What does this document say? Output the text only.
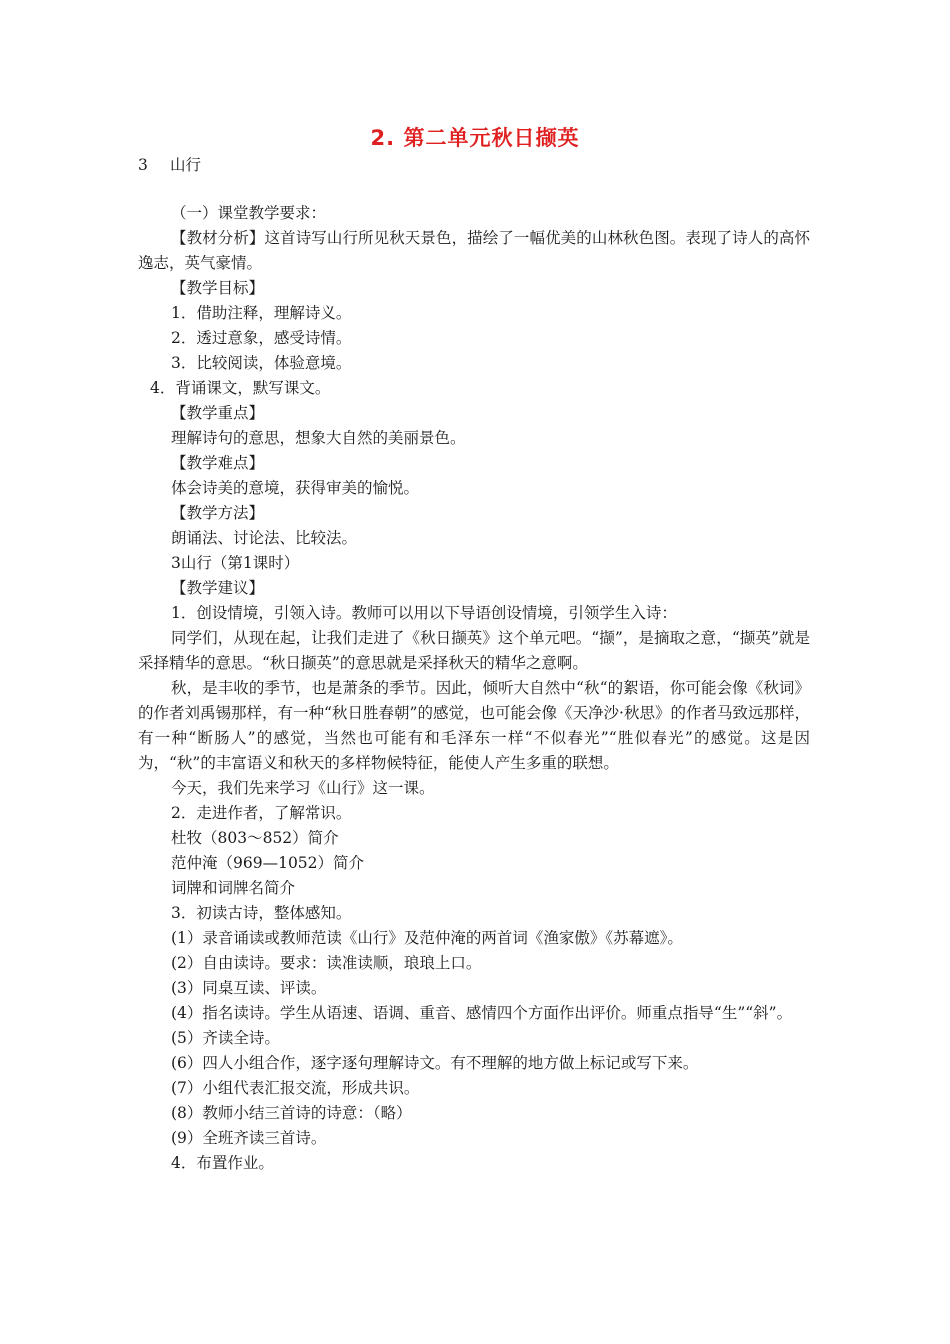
2. 第二单元秋日撷英
3 山行

（一）课堂教学要求：

【教材分析】这首诗写山行所见秋天景色，描绘了一幅优美的山林秋色图。表现了诗人的高怀逸志，英气豪情。

【教学目标】

1．借助注释，理解诗义。

2．透过意象，感受诗情。

3．比较阅读，体验意境。

4．背诵课文，默写课文。

【教学重点】

理解诗句的意思，想象大自然的美丽景色。

【教学难点】

体会诗美的意境，获得审美的愉悦。

【教学方法】

朗诵法、讨论法、比较法。

3山行（第1课时）

【教学建议】

1．创设情境，引领入诗。教师可以用以下导语创设情境，引领学生入诗：

同学们，从现在起，让我们走进了《秋日撷英》这个单元吧。“撷”，是摘取之意，“撷英”就是采择精华的意思。“秋日撷英”的意思就是采择秋天的精华之意啊。

秋，是丰收的季节，也是萧条的季节。因此，倾听大自然中“秋“的絮语，你可能会像《秋词》的作者刘禹锡那样，有一种“秋日胜春朝”的感觉，也可能会像《天净沙·秋思》的作者马致远那样，有一种“断肠人”的感觉，当然也可能有和毛泽东一样“不似春光”“胜似春光”的感觉。这是因为，“秋”的丰富语义和秋天的多样物候特征，能使人产生多重的联想。

今天，我们先来学习《山行》这一课。

2．走进作者，了解常识。

杜牧（803～852）简介

范仲淹（969—1052）简介

词牌和词牌名简介

3．初读古诗，整体感知。

(1）录音诵读或教师范读《山行》及范仲淹的两首词《渔家傲》《苏幕遮》。

(2）自由读诗。要求：读准读顺，琅琅上口。

(3）同桌互读、评读。

(4）指名读诗。学生从语速、语调、重音、感情四个方面作出评价。师重点指导“生”“斜”。

(5）齐读全诗。

(6）四人小组合作，逐字逐句理解诗文。有不理解的地方做上标记或写下来。

(7）小组代表汇报交流，形成共识。

(8）教师小结三首诗的诗意：（略）

(9）全班齐读三首诗。

4．布置作业。
